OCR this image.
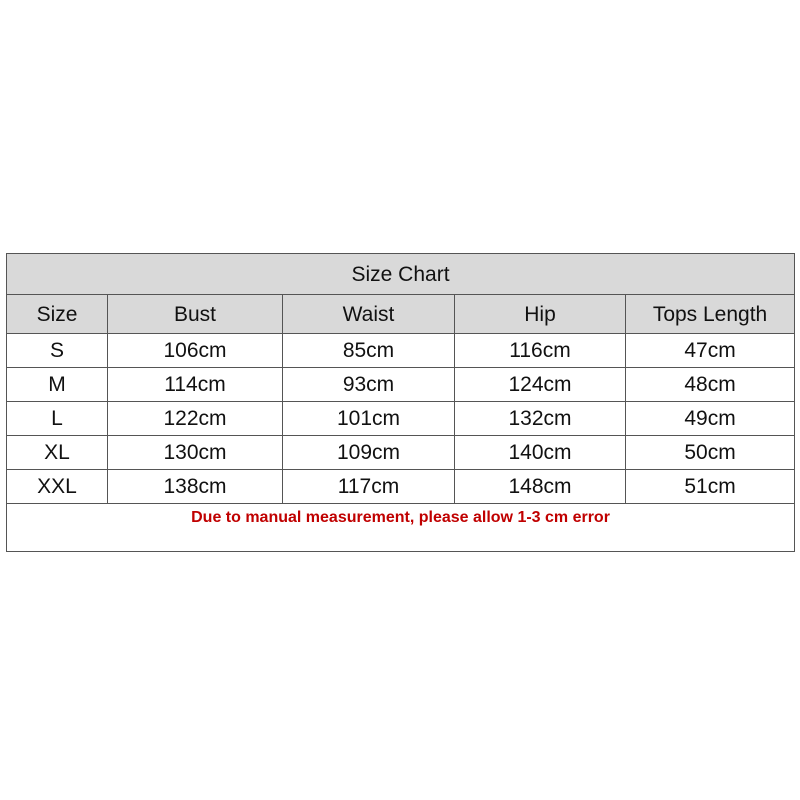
Size Chart				
Size	Bust	Waist	Hip	Tops Length
S	106cm	85cm	116cm	47cm
M	114cm	93cm	124cm	48cm
L	122cm	101cm	132cm	49cm
XL	130cm	109cm	140cm	50cm
XXL	138cm	117cm	148cm	51cm
Due to manual measurement, please allow 1-3 cm error				
